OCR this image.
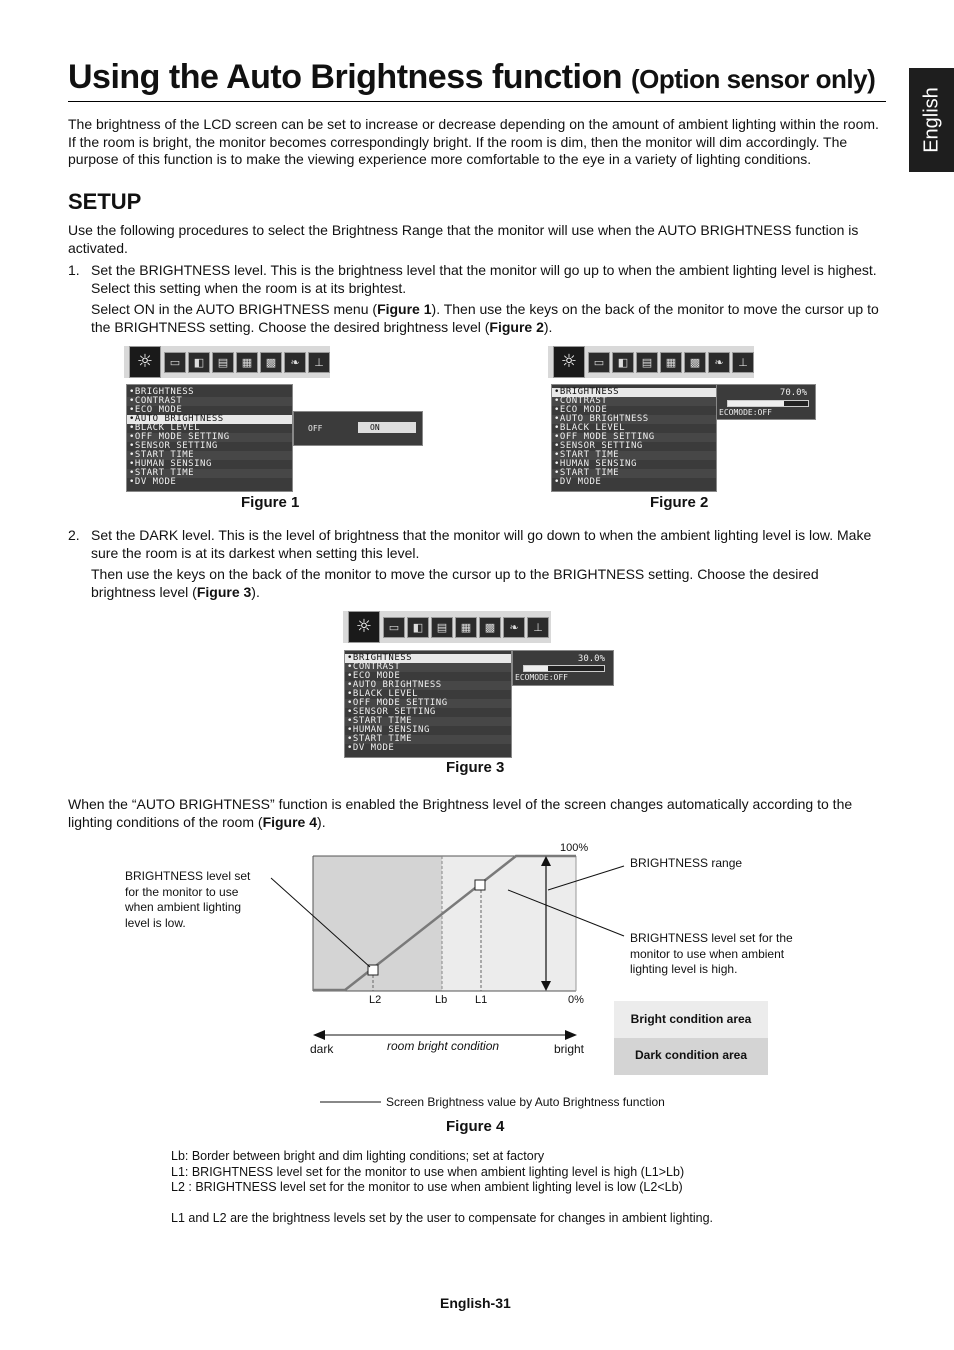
Using the Auto Brightness function (Option sensor only)
English

The brightness of the LCD screen can be set to increase or decrease depending on the amount of ambient lighting within the room. If the room is bright, the monitor becomes correspondingly bright. If the room is dim, then the monitor will dim accordingly. The purpose of this function is to make the viewing experience more comfortable to the eye in a variety of lighting conditions.

SETUP

Use the following procedures to select the Brightness Range that the monitor will use when the AUTO BRIGHTNESS function is activated.

1. Set the BRIGHTNESS level. This is the brightness level that the monitor will go up to when the ambient lighting level is highest. Select this setting when the room is at its brightest.

Select ON in the AUTO BRIGHTNESS menu (Figure 1). Then use the keys on the back of the monitor to move the cursor up to the BRIGHTNESS setting. Choose the desired brightness level (Figure 2).

☼	▭	◧	▤	▦	▩	❧	⊥
•BRIGHTNESS
•CONTRAST
•ECO MODE
•AUTO BRIGHTNESS
•BLACK LEVEL
•OFF MODE SETTING
•SENSOR SETTING
•START TIME
•HUMAN SENSING
•START TIME
•DV MODE
OFF	ON
Figure 1
☼	▭	◧	▤	▦	▩	❧	⊥
•BRIGHTNESS
•CONTRAST
•ECO MODE
•AUTO BRIGHTNESS
•BLACK LEVEL
•OFF MODE SETTING
•SENSOR SETTING
•START TIME
•HUMAN SENSING
•START TIME
•DV MODE
70.0%
ECOMODE:OFF
Figure 2
2. Set the DARK level. This is the level of brightness that the monitor will go down to when the ambient lighting level is low. Make sure the room is at its darkest when setting this level.

Then use the keys on the back of the monitor to move the cursor up to the BRIGHTNESS setting. Choose the desired brightness level (Figure 3).

☼	▭	◧	▤	▦	▩	❧	⊥
•BRIGHTNESS
•CONTRAST
•ECO MODE
•AUTO BRIGHTNESS
•BLACK LEVEL
•OFF MODE SETTING
•SENSOR SETTING
•START TIME
•HUMAN SENSING
•START TIME
•DV MODE
30.0%
ECOMODE:OFF
Figure 3

When the “AUTO BRIGHTNESS” function is enabled the Brightness level of the screen changes automatically according to the lighting conditions of the room (Figure 4).

100%
0%
L2	Lb	L1
BRIGHTNESS level set for the monitor to use when ambient lighting level is low.
BRIGHTNESS range
BRIGHTNESS level set for the monitor to use when ambient lighting level is high.
Bright condition area
Dark condition area
dark	room bright condition	bright
Screen Brightness value by Auto Brightness function
Figure 4
Lb: Border between bright and dim lighting conditions; set at factory
L1: BRIGHTNESS level set for the monitor to use when ambient lighting level is high (L1>Lb)
L2 : BRIGHTNESS level set for the monitor to use when ambient lighting level is low (L2<Lb)
L1 and L2 are the brightness levels set by the user to compensate for changes in ambient lighting.
English-31
